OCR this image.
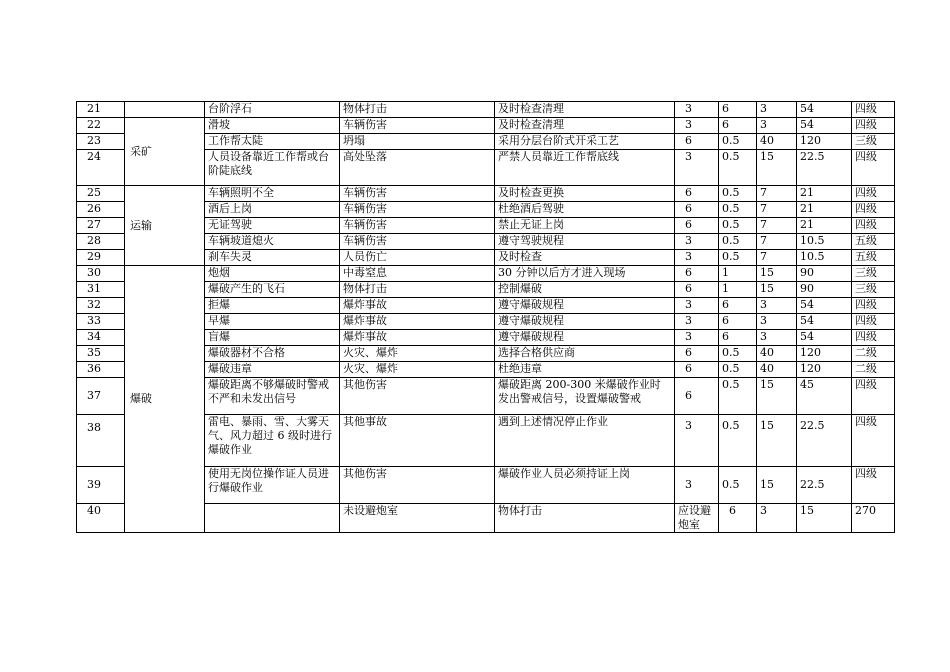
21		台阶浮石	物体打击	及时检查清理	3	6	3	54	四级	
22	采矿	滑坡	车辆伤害	及时检查清理	3	6	3	54	四级	
23		工作帮太陡	坍塌	采用分层台阶式开采工艺	6	0.5	40	120	三级	
24		人员设备靠近工作帮或台阶陡底线	高处坠落	严禁人员靠近工作帮底线	3	0.5	15	22.5	四级	
25	运输	车辆照明不全	车辆伤害	及时检查更换	6	0.5	7	21	四级	
26		酒后上岗	车辆伤害	杜绝酒后驾驶	6	0.5	7	21	四级	
27		无证驾驶	车辆伤害	禁止无证上岗	6	0.5	7	21	四级	
28		车辆坡道熄火	车辆伤害	遵守驾驶规程	3	0.5	7	10.5	五级	
29		刹车失灵	人员伤亡	及时检查	3	0.5	7	10.5	五级	
30	爆破	炮烟	中毒窒息	30 分钟以后方才进入现场	6	1	15	90	三级	
31		爆破产生的飞石	物体打击	控制爆破	6	1	15	90	三级	
32		拒爆	爆炸事故	遵守爆破规程	3	6	3	54	四级	
33		早爆	爆炸事故	遵守爆破规程	3	6	3	54	四级	
34		盲爆	爆炸事故	遵守爆破规程	3	6	3	54	四级	
35		爆破器材不合格	火灾、爆炸	选择合格供应商	6	0.5	40	120	二级	
36		爆破违章	火灾、爆炸	杜绝违章	6	0.5	40	120	二级	
37		爆破距离不够爆破时警戒不严和未发出信号	其他伤害	爆破距离 200-300 米爆破作业时发出警戒信号，设置爆破警戒	6	0.5	15	45	四级	
38		雷电、暴雨、雪、大雾天气、风力超过 6 级时进行爆破作业	其他事故	遇到上述情况停止作业	3	0.5	15	22.5	四级	
39		使用无岗位操作证人员进行爆破作业	其他伤害	爆破作业人员必须持证上岗	3	0.5	15	22.5	四级	
40			未设避炮室	物体打击	应设避炮室	6	3	15	270	
